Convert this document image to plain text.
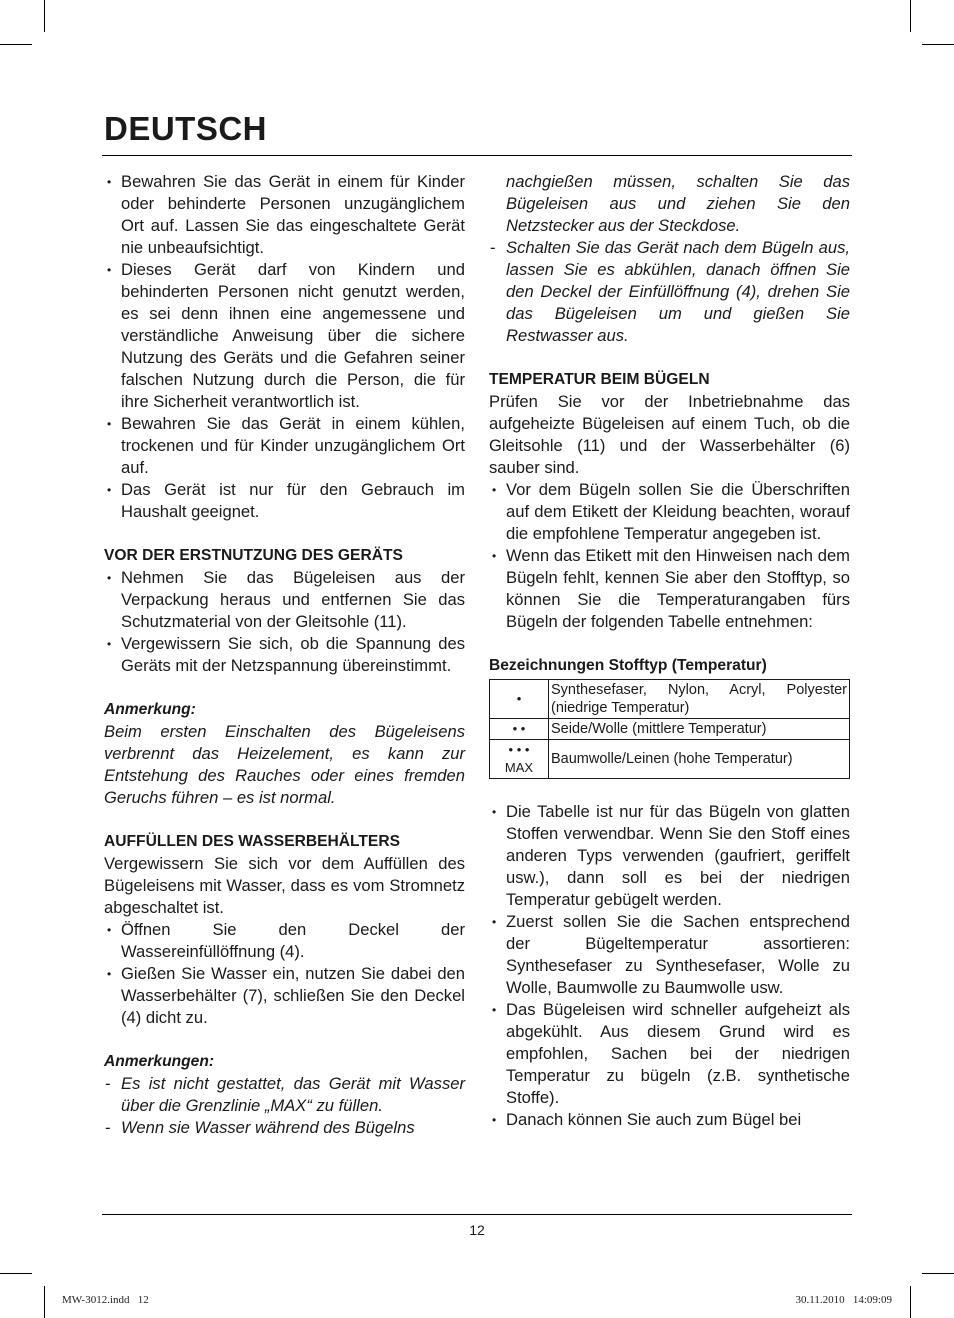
DEUTSCH
• Bewahren Sie das Gerät in einem für Kinder oder behinderte Personen unzugänglichem Ort auf. Lassen Sie das eingeschaltete Gerät nie unbeaufsichtigt.
• Dieses Gerät darf von Kindern und behinderten Personen nicht genutzt werden, es sei denn ihnen eine angemessene und verständliche Anweisung über die sichere Nutzung des Geräts und die Gefahren seiner falschen Nutzung durch die Person, die für ihre Sicherheit verantwortlich ist.
• Bewahren Sie das Gerät in einem kühlen, trockenen und für Kinder unzugänglichem Ort auf.
• Das Gerät ist nur für den Gebrauch im Haushalt geeignet.
VOR DER ERSTNUTZUNG DES GERÄTS
• Nehmen Sie das Bügeleisen aus der Verpackung heraus und entfernen Sie das Schutzmaterial von der Gleitsohle (11).
• Vergewissern Sie sich, ob die Spannung des Geräts mit der Netzspannung übereinstimmt.
Anmerkung:

Beim ersten Einschalten des Bügeleisens verbrennt das Heizelement, es kann zur Entstehung des Rauches oder eines fremden Geruchs führen – es ist normal.

AUFFÜLLEN DES WASSERBEHÄLTERS

Vergewissern Sie sich vor dem Auffüllen des Bügeleisens mit Wasser, dass es vom Stromnetz abgeschaltet ist.

• Öffnen Sie den Deckel der Wassereinfüllöffnung (4).
• Gießen Sie Wasser ein, nutzen Sie dabei den Wasserbehälter (7), schließen Sie den Deckel (4) dicht zu.
Anmerkungen:
- Es ist nicht gestattet, das Gerät mit Wasser über die Grenzlinie „MAX“ zu füllen.
- Wenn sie Wasser während des Bügelns

nachgießen müssen, schalten Sie das Bügeleisen aus und ziehen Sie den Netzstecker aus der Steckdose.

- Schalten Sie das Gerät nach dem Bügeln aus, lassen Sie es abkühlen, danach öffnen Sie den Deckel der Einfüllöffnung (4), drehen Sie das Bügeleisen um und gießen Sie Restwasser aus.
TEMPERATUR BEIM BÜGELN

Prüfen Sie vor der Inbetriebnahme das aufgeheizte Bügeleisen auf einem Tuch, ob die Gleitsohle (11) und der Wasserbehälter (6) sauber sind.

• Vor dem Bügeln sollen Sie die Überschriften auf dem Etikett der Kleidung beachten, worauf die empfohlene Temperatur angegeben ist.
• Wenn das Etikett mit den Hinweisen nach dem Bügeln fehlt, kennen Sie aber den Stofftyp, so können Sie die Temperaturangaben fürs Bügeln der folgenden Tabelle entnehmen:
Bezeichnungen Stofftyp (Temperatur)
•	Synthesefaser, Nylon, Acryl, Polyester (niedrige Temperatur)
• •	Seide/Wolle (mittlere Temperatur)

• • •
MAX	Baumwolle/Leinen (hohe Temperatur)
• Die Tabelle ist nur für das Bügeln von glatten Stoffen verwendbar. Wenn Sie den Stoff eines anderen Typs verwenden (gaufriert, geriffelt usw.), dann soll es bei der niedrigen Temperatur gebügelt werden.
• Zuerst sollen Sie die Sachen entsprechend der Bügeltemperatur assortieren: Synthesefaser zu Synthesefaser, Wolle zu Wolle, Baumwolle zu Baumwolle usw.
• Das Bügeleisen wird schneller aufgeheizt als abgekühlt. Aus diesem Grund wird es empfohlen, Sachen bei der niedrigen Temperatur zu bügeln (z.B. synthetische Stoffe).
• Danach können Sie auch zum Bügel bei
12
MW-3012.indd   12	30.11.2010   14:09:09
